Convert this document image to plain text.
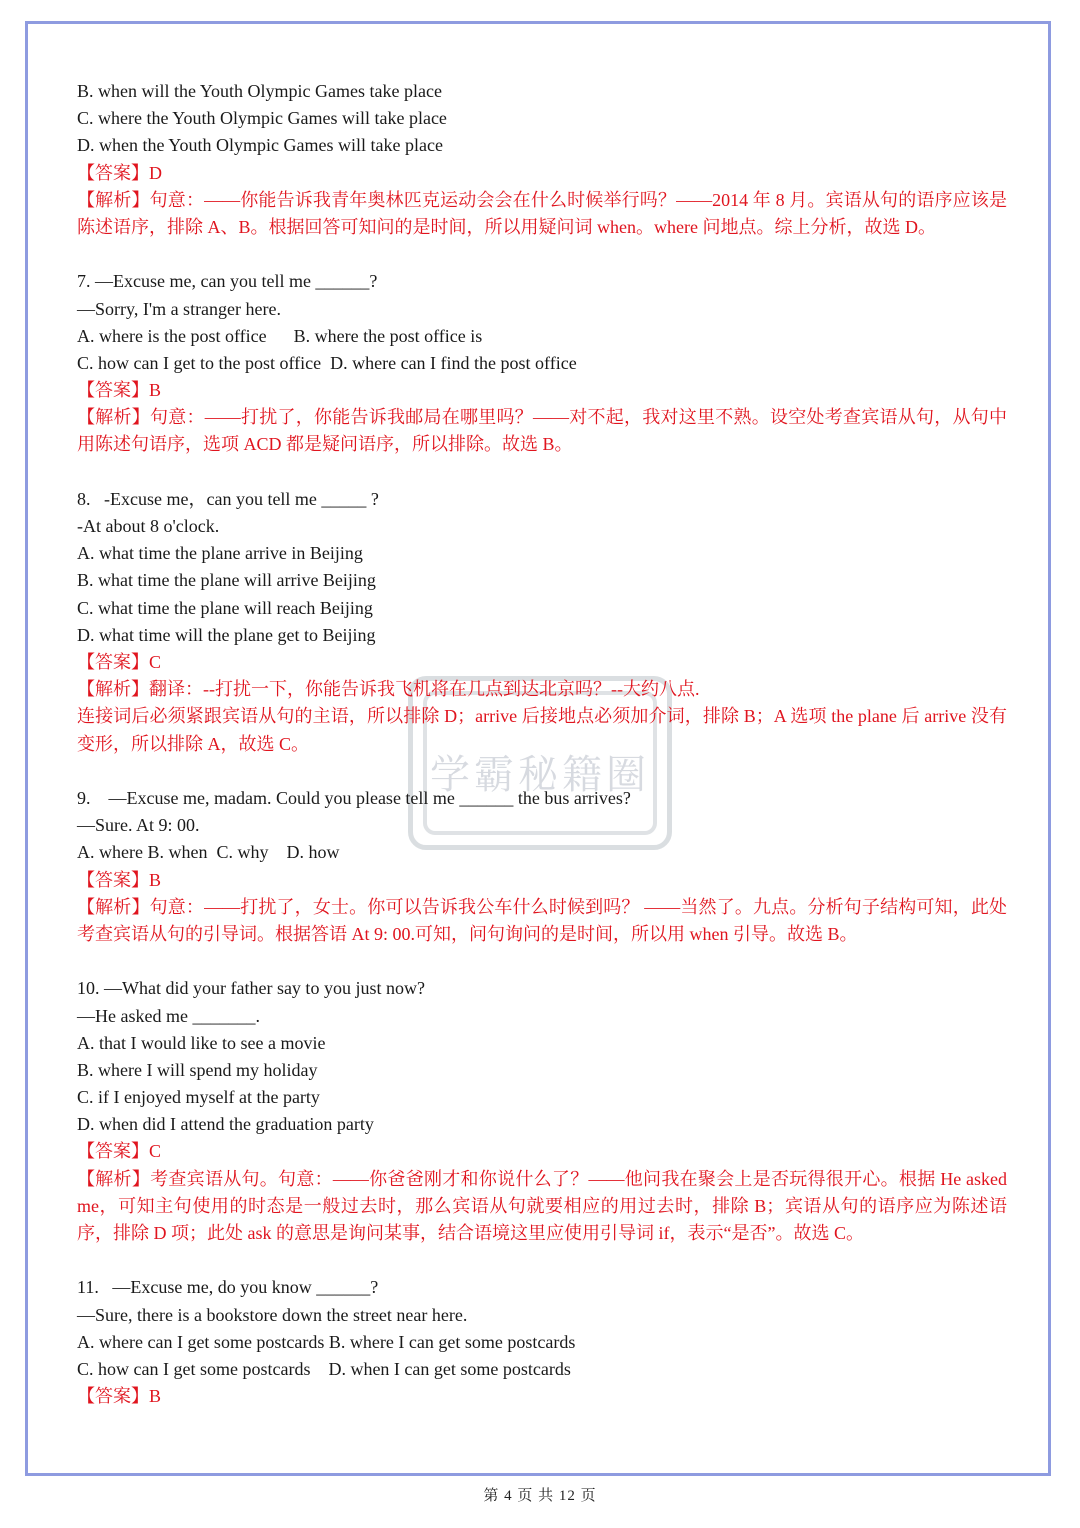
学霸秘籍圈
B. when will the Youth Olympic Games take place
C. where the Youth Olympic Games will take place
D. when the Youth Olympic Games will take place
【答案】D
【解析】句意：——你能告诉我青年奥林匹克运动会会在什么时候举行吗？——2014 年 8 月。宾语从句的语序应该是陈述语序，排除 A、B。根据回答可知问的是时间，所以用疑问词 when。where 问地点。综上分析，故选 D。
7. —Excuse me, can you tell me ______?
—Sorry, I'm a stranger here.
A. where is the post office      B. where the post office is
C. how can I get to the post office  D. where can I find the post office
【答案】B
【解析】句意：——打扰了，你能告诉我邮局在哪里吗？——对不起，我对这里不熟。设空处考查宾语从句，从句中用陈述句语序，选项 ACD 都是疑问语序，所以排除。故选 B。
8.   -Excuse me，can you tell me _____ ?
-At about 8 o'clock.
A. what time the plane arrive in Beijing
B. what time the plane will arrive Beijing
C. what time the plane will reach Beijing
D. what time will the plane get to Beijing
【答案】C
【解析】翻译：--打扰一下，你能告诉我飞机将在几点到达北京吗？--大约八点.
连接词后必须紧跟宾语从句的主语，所以排除 D；arrive 后接地点必须加介词，排除 B；A 选项 the plane 后 arrive 没有变形，所以排除 A，故选 C。
9.    —Excuse me, madam. Could you please tell me ______ the bus arrives?
—Sure. At 9: 00.
A. where B. when  C. why    D. how
【答案】B
【解析】句意：——打扰了，女士。你可以告诉我公车什么时候到吗？ ——当然了。九点。分析句子结构可知，此处考查宾语从句的引导词。根据答语 At 9: 00.可知，问句询问的是时间，所以用 when 引导。故选 B。
10. —What did your father say to you just now?
—He asked me _______.
A. that I would like to see a movie
B. where I will spend my holiday
C. if I enjoyed myself at the party
D. when did I attend the graduation party
【答案】C
【解析】考查宾语从句。句意：——你爸爸刚才和你说什么了？——他问我在聚会上是否玩得很开心。根据 He asked me，可知主句使用的时态是一般过去时，那么宾语从句就要相应的用过去时，排除 B；宾语从句的语序应为陈述语序，排除 D 项；此处 ask 的意思是询问某事，结合语境这里应使用引导词 if，表示“是否”。故选 C。
11.   —Excuse me, do you know ______?
—Sure, there is a bookstore down the street near here.
A. where can I get some postcards B. where I can get some postcards
C. how can I get some postcards    D. when I can get some postcards
【答案】B
第 4 页 共 12 页
